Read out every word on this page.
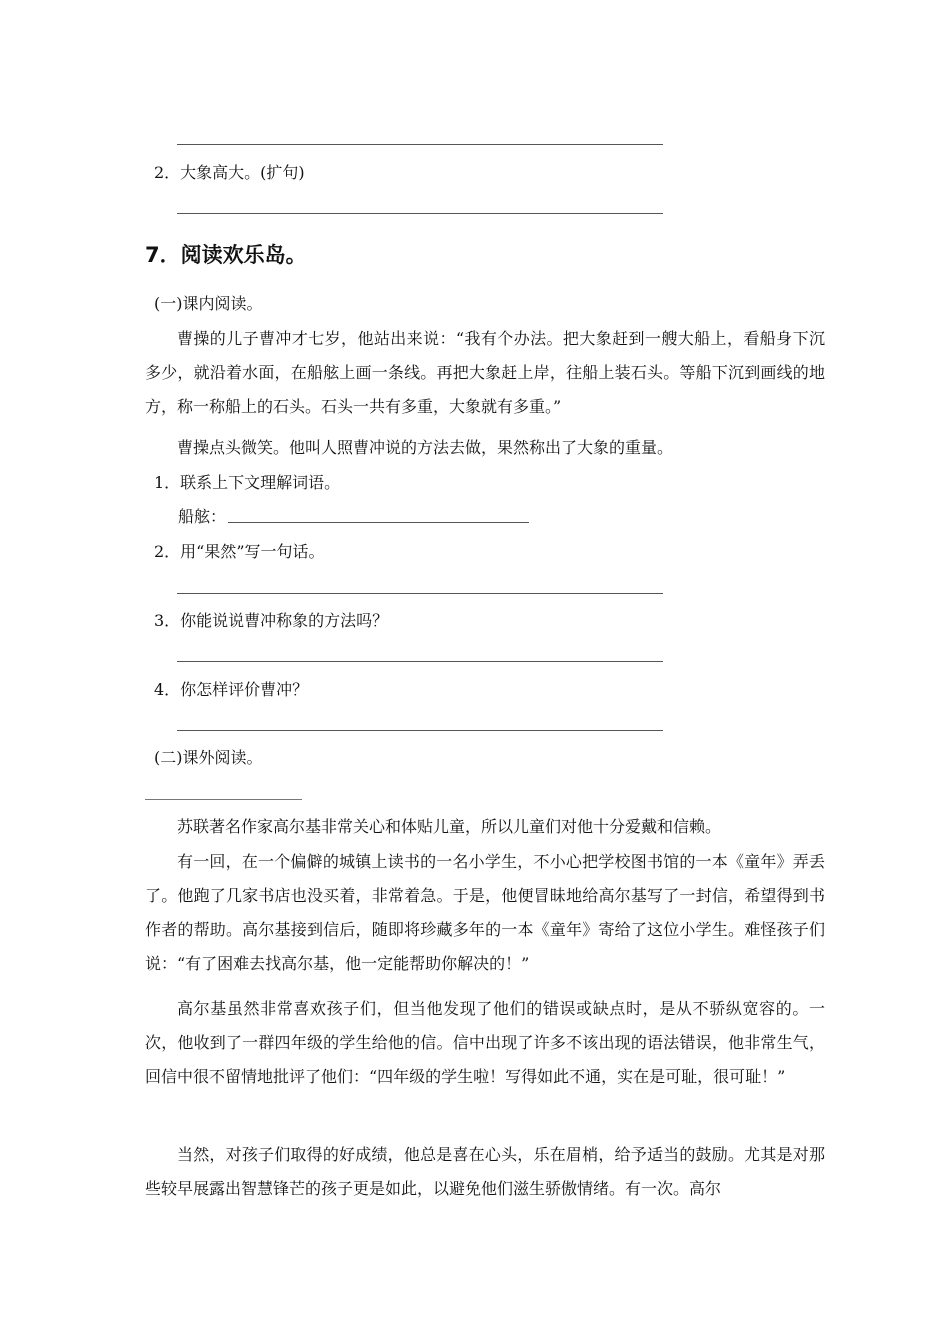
2．大象高大。(扩句)
7．阅读欢乐岛。
(一)课内阅读。
曹操的儿子曹冲才七岁，他站出来说：“我有个办法。把大象赶到一艘大船上，看船身下沉多少，就沿着水面，在船舷上画一条线。再把大象赶上岸，往船上装石头。等船下沉到画线的地方，称一称船上的石头。石头一共有多重，大象就有多重。”
曹操点头微笑。他叫人照曹冲说的方法去做，果然称出了大象的重量。
1．联系上下文理解词语。
船舷：
2．用“果然”写一句话。
3．你能说说曹冲称象的方法吗？
4．你怎样评价曹冲？
(二)课外阅读。
苏联著名作家高尔基非常关心和体贴儿童，所以儿童们对他十分爱戴和信赖。
有一回，在一个偏僻的城镇上读书的一名小学生，不小心把学校图书馆的一本《童年》弄丢了。他跑了几家书店也没买着，非常着急。于是，他便冒昧地给高尔基写了一封信，希望得到书作者的帮助。高尔基接到信后，随即将珍藏多年的一本《童年》寄给了这位小学生。难怪孩子们说：“有了困难去找高尔基，他一定能帮助你解决的！”
高尔基虽然非常喜欢孩子们，但当他发现了他们的错误或缺点时，是从不骄纵宽容的。一次，他收到了一群四年级的学生给他的信。信中出现了许多不该出现的语法错误，他非常生气，回信中很不留情地批评了他们：“四年级的学生啦！写得如此不通，实在是可耻，很可耻！”
当然，对孩子们取得的好成绩，他总是喜在心头，乐在眉梢，给予适当的鼓励。尤其是对那些较早展露出智慧锋芒的孩子更是如此，以避免他们滋生骄傲情绪。有一次。高尔
